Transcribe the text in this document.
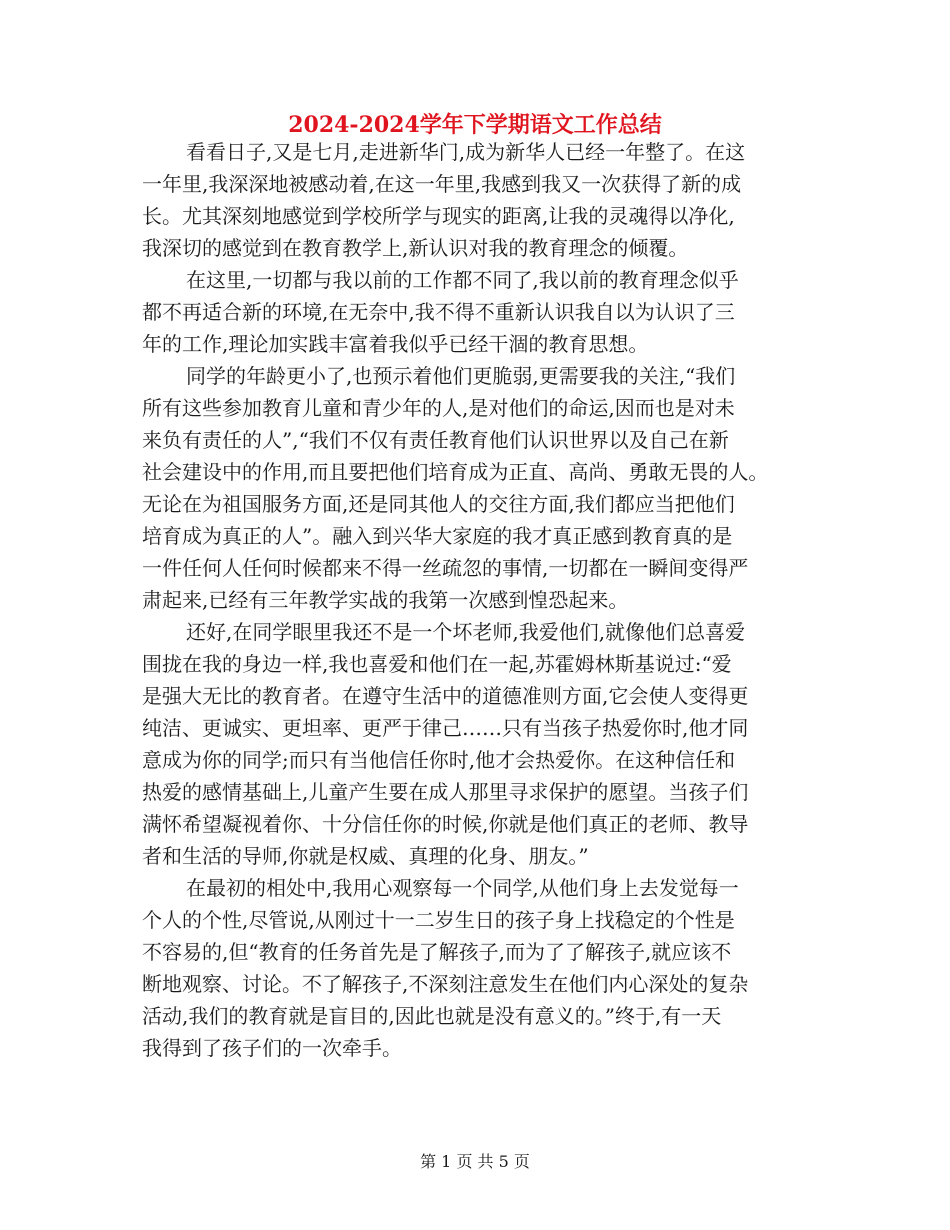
2024-2024学年下学期语文工作总结
看看日子,又是七月,走进新华门,成为新华人已经一年整了。在这
一年里,我深深地被感动着,在这一年里,我感到我又一次获得了新的成
长。尤其深刻地感觉到学校所学与现实的距离,让我的灵魂得以净化,
我深切的感觉到在教育教学上,新认识对我的教育理念的倾覆。
在这里,一切都与我以前的工作都不同了,我以前的教育理念似乎
都不再适合新的环境,在无奈中,我不得不重新认识我自以为认识了三
年的工作,理论加实践丰富着我似乎已经干涸的教育思想。
同学的年龄更小了,也预示着他们更脆弱,更需要我的关注,“我们
所有这些参加教育儿童和青少年的人,是对他们的命运,因而也是对未
来负有责任的人”,“我们不仅有责任教育他们认识世界以及自己在新
社会建设中的作用,而且要把他们培育成为正直、高尚、勇敢无畏的人。
无论在为祖国服务方面,还是同其他人的交往方面,我们都应当把他们
培育成为真正的人”。融入到兴华大家庭的我才真正感到教育真的是
一件任何人任何时候都来不得一丝疏忽的事情,一切都在一瞬间变得严
肃起来,已经有三年教学实战的我第一次感到惶恐起来。
还好,在同学眼里我还不是一个坏老师,我爱他们,就像他们总喜爱
围拢在我的身边一样,我也喜爱和他们在一起,苏霍姆林斯基说过:“爱
是强大无比的教育者。在遵守生活中的道德准则方面,它会使人变得更
纯洁、更诚实、更坦率、更严于律己……只有当孩子热爱你时,他才同
意成为你的同学;而只有当他信任你时,他才会热爱你。在这种信任和
热爱的感情基础上,儿童产生要在成人那里寻求保护的愿望。当孩子们
满怀希望凝视着你、十分信任你的时候,你就是他们真正的老师、教导
者和生活的导师,你就是权威、真理的化身、朋友。”
在最初的相处中,我用心观察每一个同学,从他们身上去发觉每一
个人的个性,尽管说,从刚过十一二岁生日的孩子身上找稳定的个性是
不容易的,但“教育的任务首先是了解孩子,而为了了解孩子,就应该不
断地观察、讨论。不了解孩子,不深刻注意发生在他们内心深处的复杂
活动,我们的教育就是盲目的,因此也就是没有意义的。”终于,有一天
我得到了孩子们的一次牵手。
第 1 页 共 5 页
